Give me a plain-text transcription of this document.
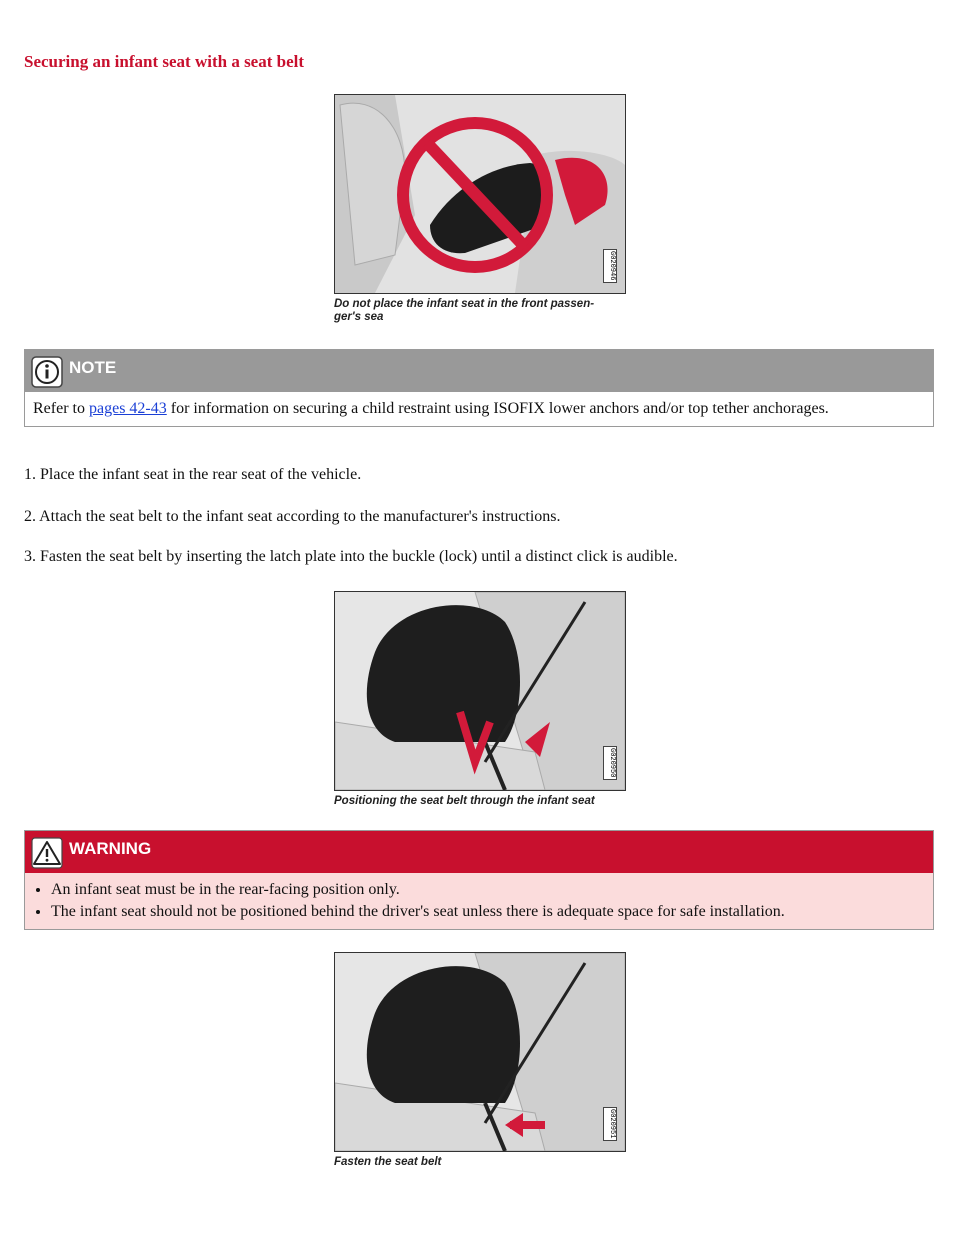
Securing an infant seat with a seat belt
G020946
Do not place the infant seat in the front passen-ger's sea
NOTE
Refer to pages 42-43 for information on securing a child restraint using ISOFIX lower anchors and/or top tether anchorages.

1. Place the infant seat in the rear seat of the vehicle.

2. Attach the seat belt to the infant seat according to the manufacturer's instructions.

3. Fasten the seat belt by inserting the latch plate into the buckle (lock) until a distinct click is audible.

G020950
Positioning the seat belt through the infant seat
WARNING
• An infant seat must be in the rear-facing position only.
• The infant seat should not be positioned behind the driver's seat unless there is adequate space for safe installation.
G020951
Fasten the seat belt
